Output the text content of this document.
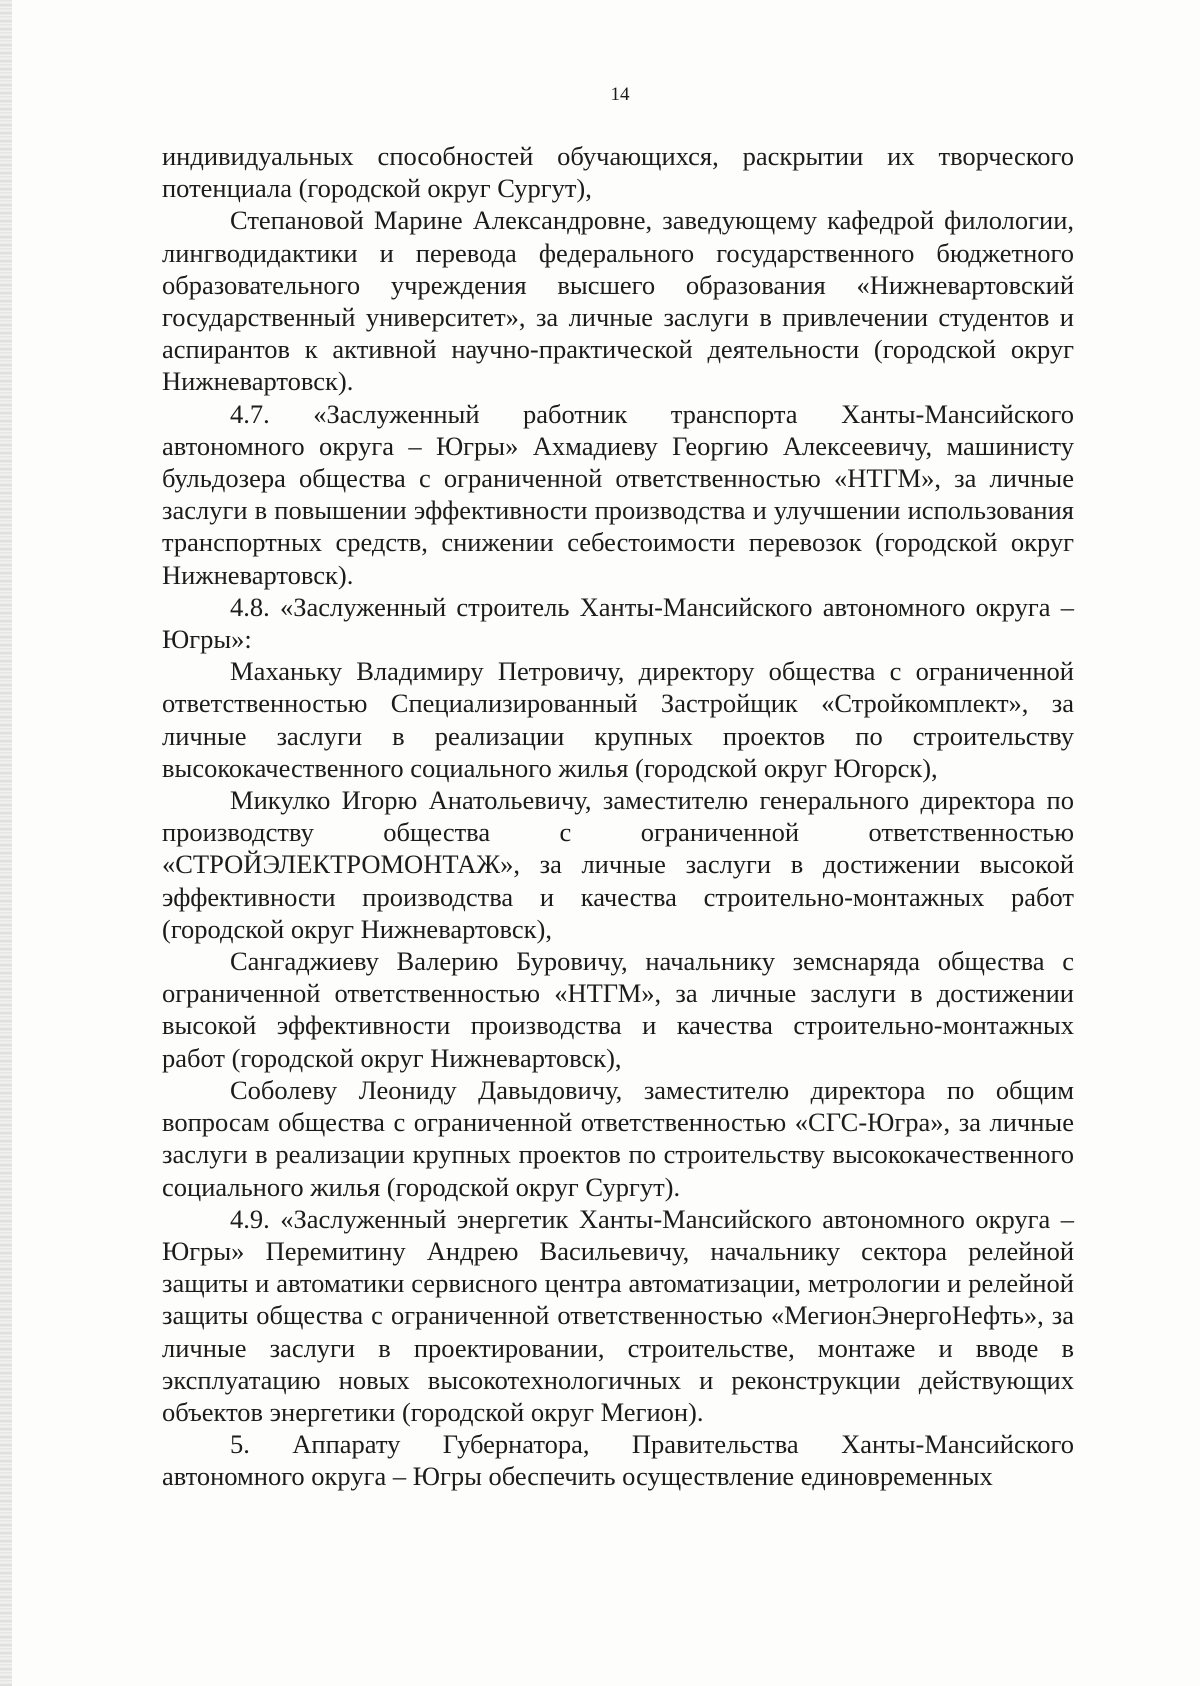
14

индивидуальных способностей обучающихся, раскрытии их творческого потенциала (городской округ Сургут),

Степановой Марине Александровне, заведующему кафедрой филологии, лингводидактики и перевода федерального государственного бюджетного образовательного учреждения высшего образования «Нижневартовский государственный университет», за личные заслуги в привлечении студентов и аспирантов к активной научно-практической деятельности (городской округ Нижневартовск).

4.7. «Заслуженный работник транспорта Ханты-Мансийского автономного округа – Югры» Ахмадиеву Георгию Алексеевичу, машинисту бульдозера общества с ограниченной ответственностью «НТГМ», за личные заслуги в повышении эффективности производства и улучшении использования транспортных средств, снижении себестоимости перевозок (городской округ Нижневартовск).

4.8. «Заслуженный строитель Ханты-Мансийского автономного округа – Югры»:

Маханьку Владимиру Петровичу, директору общества с ограниченной ответственностью Специализированный Застройщик «Стройкомплект», за личные заслуги в реализации крупных проектов по строительству высококачественного социального жилья (городской округ Югорск),

Микулко Игорю Анатольевичу, заместителю генерального директора по производству общества с ограниченной ответственностью «СТРОЙЭЛЕКТРОМОНТАЖ», за личные заслуги в достижении высокой эффективности производства и качества строительно-монтажных работ (городской округ Нижневартовск),

Сангаджиеву Валерию Буровичу, начальнику земснаряда общества с ограниченной ответственностью «НТГМ», за личные заслуги в достижении высокой эффективности производства и качества строительно-монтажных работ (городской округ Нижневартовск),

Соболеву Леониду Давыдовичу, заместителю директора по общим вопросам общества с ограниченной ответственностью «СГС-Югра», за личные заслуги в реализации крупных проектов по строительству высококачественного социального жилья (городской округ Сургут).

4.9. «Заслуженный энергетик Ханты-Мансийского автономного округа – Югры» Перемитину Андрею Васильевичу, начальнику сектора релейной защиты и автоматики сервисного центра автоматизации, метрологии и релейной защиты общества с ограниченной ответственностью «МегионЭнергоНефть», за личные заслуги в проектировании, строительстве, монтаже и вводе в эксплуатацию новых высокотехнологичных и реконструкции действующих объектов энергетики (городской округ Мегион).

5. Аппарату Губернатора, Правительства Ханты-Мансийского автономного округа – Югры обеспечить осуществление единовременных
